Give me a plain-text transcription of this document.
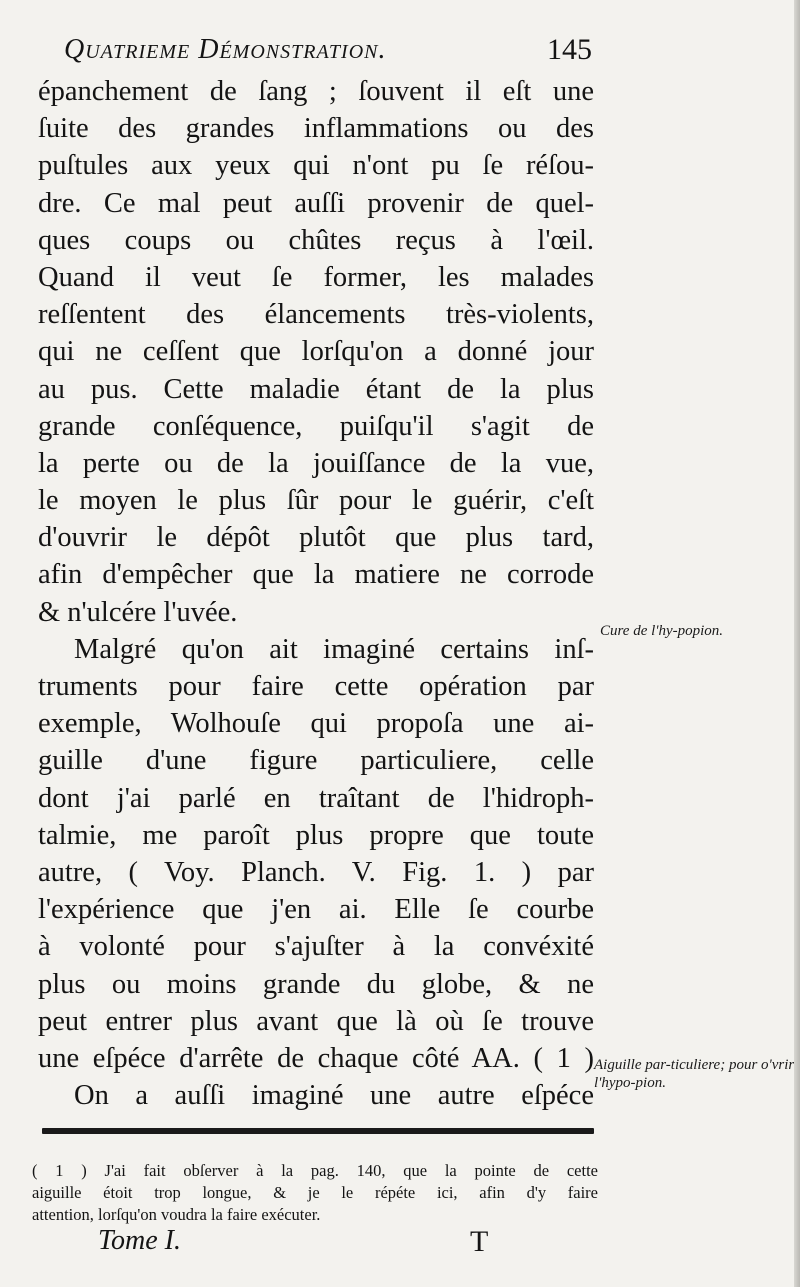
Quatrieme Démonstration.	145
épanchement de ſang ; ſouvent il eſt une
ſuite des grandes inflammations ou des
puſtules aux yeux qui n'ont pu ſe réſou-
dre. Ce mal peut auſſi provenir de quel-
ques coups ou chûtes reçus à l'œil.
Quand il veut ſe former, les malades
reſſentent des élancements très-violents,
qui ne ceſſent que lorſqu'on a donné jour
au pus. Cette maladie étant de la plus
grande conſéquence, puiſqu'il s'agit de
la perte ou de la jouiſſance de la vue,
le moyen le plus ſûr pour le guérir, c'eſt
d'ouvrir le dépôt plutôt que plus tard,
afin d'empêcher que la matiere ne corrode
& n'ulcére l'uvée.
Malgré qu'on ait imaginé certains inſ-
truments pour faire cette opération par
exemple, Wolhouſe qui propoſa une ai-
guille d'une figure particuliere, celle
dont j'ai parlé en traîtant de l'hidroph-
talmie, me paroît plus propre que toute
autre, ( Voy. Planch. V. Fig. 1. ) par
l'expérience que j'en ai. Elle ſe courbe
à volonté pour s'ajuſter à la convéxité
plus ou moins grande du globe, & ne
peut entrer plus avant que là où ſe trouve
une eſpéce d'arrête de chaque côté AA. ( 1 )
On a auſſi imaginé une autre eſpéce
Cure de l'hy-popion.
Aiguille par-ticuliere; pour o'vrir l'hypo-pion.
( 1 ) J'ai fait obſerver à la pag. 140, que la pointe de cette
aiguille étoit trop longue, & je le répéte ici, afin d'y faire
attention, lorſqu'on voudra la faire exécuter.
Tome I.	T
